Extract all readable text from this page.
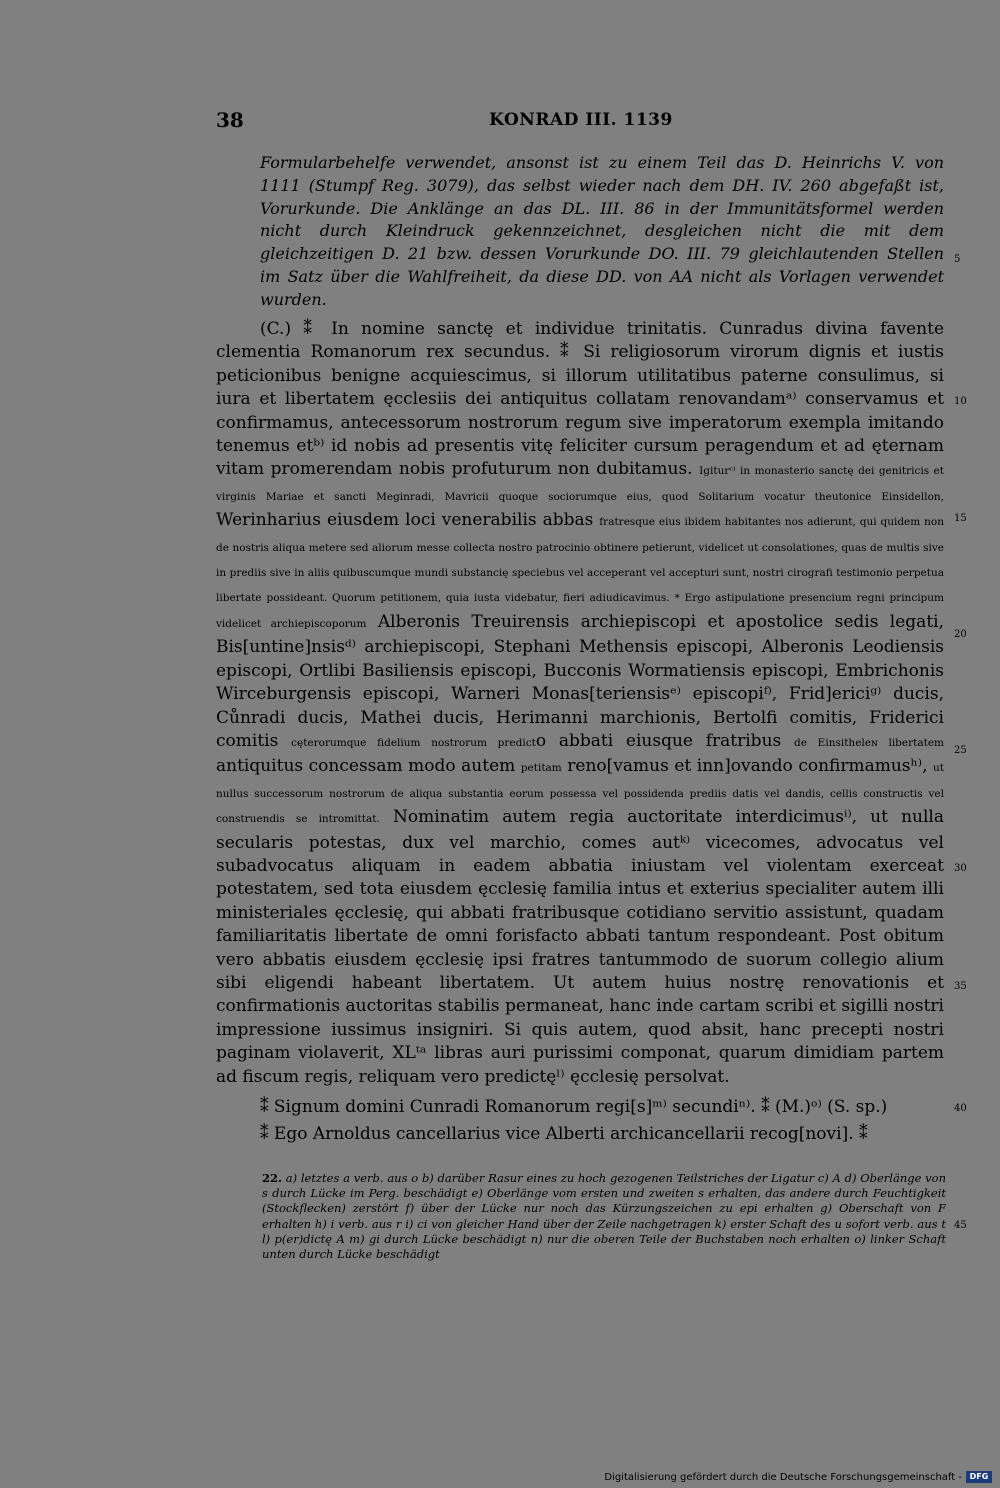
38	KONRAD III. 1139
Formularbehelfe verwendet, ansonst ist zu einem Teil das D. Heinrichs V. von 1111 (Stumpf Reg. 3079), das selbst wieder nach dem DH. IV. 260 abgefaßt ist, Vorurkunde. Die Anklänge an das DL. III. 86 in der Immunitätsformel werden nicht durch Kleindruck gekennzeichnet, desgleichen nicht die mit dem gleichzeitigen D. 21 bzw. dessen Vorurkunde DO. III. 79 gleichlautenden Stellen im Satz über die Wahlfreiheit, da diese DD. von AA nicht als Vorlagen verwendet wurden.

(C.) ⁑ In nomine sanctę et individue trinitatis. Cunradus divina favente clementia Romanorum rex secundus. ⁑ Si religiosorum virorum dignis et iustis peticionibus benigne acquiescimus, si illorum utilitatibus paterne consulimus, si iura et libertatem ęcclesiis dei antiquitus collatam renovandamᵃ⁾ conservamus et confirmamus, antecessorum nostrorum regum sive imperatorum exempla imitando tenemus etᵇ⁾ id nobis ad presentis vitę feliciter cursum peragendum et ad ęternam vitam promerendam nobis profuturum non dubitamus. Igiturᶜ⁾ in monasterio sanctę dei genitricis et virginis Mariae et sancti Meginradi, Mavricii quoque sociorumque eius, quod Solitarium vocatur theutonice Einsidellon, Werinharius eiusdem loci venerabilis abbas fratresque eius ibidem habitantes nos adierunt, qui quidem non de nostris aliqua metere sed aliorum messe collecta nostro patrocinio obtinere petierunt, videlicet ut consolationes, quas de multis sive in prediis sive in aliis quibuscumque mundi substancię speciebus vel acceperant vel accepturi sunt, nostri cirografi testimonio perpetua libertate possideant. Quorum petitionem, quia iusta videbatur, fieri adiudicavimus. * Ergo astipulatione presencium regni principum videlicet archiepiscoporum Alberonis Treuirensis archiepiscopi et apostolice sedis legati, Bis[untine]nsisᵈ⁾ archiepiscopi, Stephani Methensis episcopi, Alberonis Leodiensis episcopi, Ortlibi Basiliensis episcopi, Bucconis Wormatiensis episcopi, Embrichonis Wirceburgensis episcopi, Warneri Monas[teriensisᵉ⁾ episcopiᶠ⁾, Frid]ericiᵍ⁾ ducis, Cůnradi ducis, Mathei ducis, Herimanni marchionis, Bertolfi comitis, Friderici comitis cęterorumque fidelium nostrorum predicto abbati eiusque fratribus de Einsitheleɴ libertatem antiquitus concessam modo autem petitam reno[vamus et inn]ovando confirmamusʰ⁾, ut nullus successorum nostrorum de aliqua substantia eorum possessa vel possidenda prediis datis vel dandis, cellis constructis vel construendis se intromittat. Nominatim autem regia auctoritate interdicimusⁱ⁾, ut nulla secularis potestas, dux vel marchio, comes autᵏ⁾ vicecomes, advocatus vel subadvocatus aliquam in eadem abbatia iniustam vel violentam exerceat potestatem, sed tota eiusdem ęcclesię familia intus et exterius specialiter autem illi ministeriales ęcclesię, qui abbati fratribusque cotidiano servitio assistunt, quadam familiaritatis libertate de omni forisfacto abbati tantum respondeant. Post obitum vero abbatis eiusdem ęcclesię ipsi fratres tantummodo de suorum collegio alium sibi eligendi habeant libertatem. Ut autem huius nostrę renovationis et confirmationis auctoritas stabilis permaneat, hanc inde cartam scribi et sigilli nostri impressione iussimus insigniri. Si quis autem, quod absit, hanc precepti nostri paginam violaverit, XLᵗᵃ libras auri purissimi componat, quarum dimidiam partem ad fiscum regis, reliquam vero predictęˡ⁾ ęcclesię persolvat.

⁑ Signum domini Cunradi Romanorum regi[s]ᵐ⁾ secundiⁿ⁾. ⁑ (M.)ᵒ⁾ (S. sp.)
⁑ Ego Arnoldus cancellarius vice Alberti archicancellarii recog[novi]. ⁑
5
10
15
20
25
30
35
40
45
22. a) letztes a verb. aus o b) darüber Rasur eines zu hoch gezogenen Teilstriches der Ligatur c) A d) Oberlänge von s durch Lücke im Perg. beschädigt e) Oberlänge vom ersten und zweiten s erhalten, das andere durch Feuchtigkeit (Stockflecken) zerstört f) über der Lücke nur noch das Kürzungszeichen zu epi erhalten g) Oberschaft von F erhalten h) i verb. aus r i) ci von gleicher Hand über der Zeile nachgetragen k) erster Schaft des u sofort verb. aus t l) p(er)dictę A m) gi durch Lücke beschädigt n) nur die oberen Teile der Buchstaben noch erhalten o) linker Schaft unten durch Lücke beschädigt
Digitalisierung gefördert durch die Deutsche Forschungsgemeinschaft - DFG
